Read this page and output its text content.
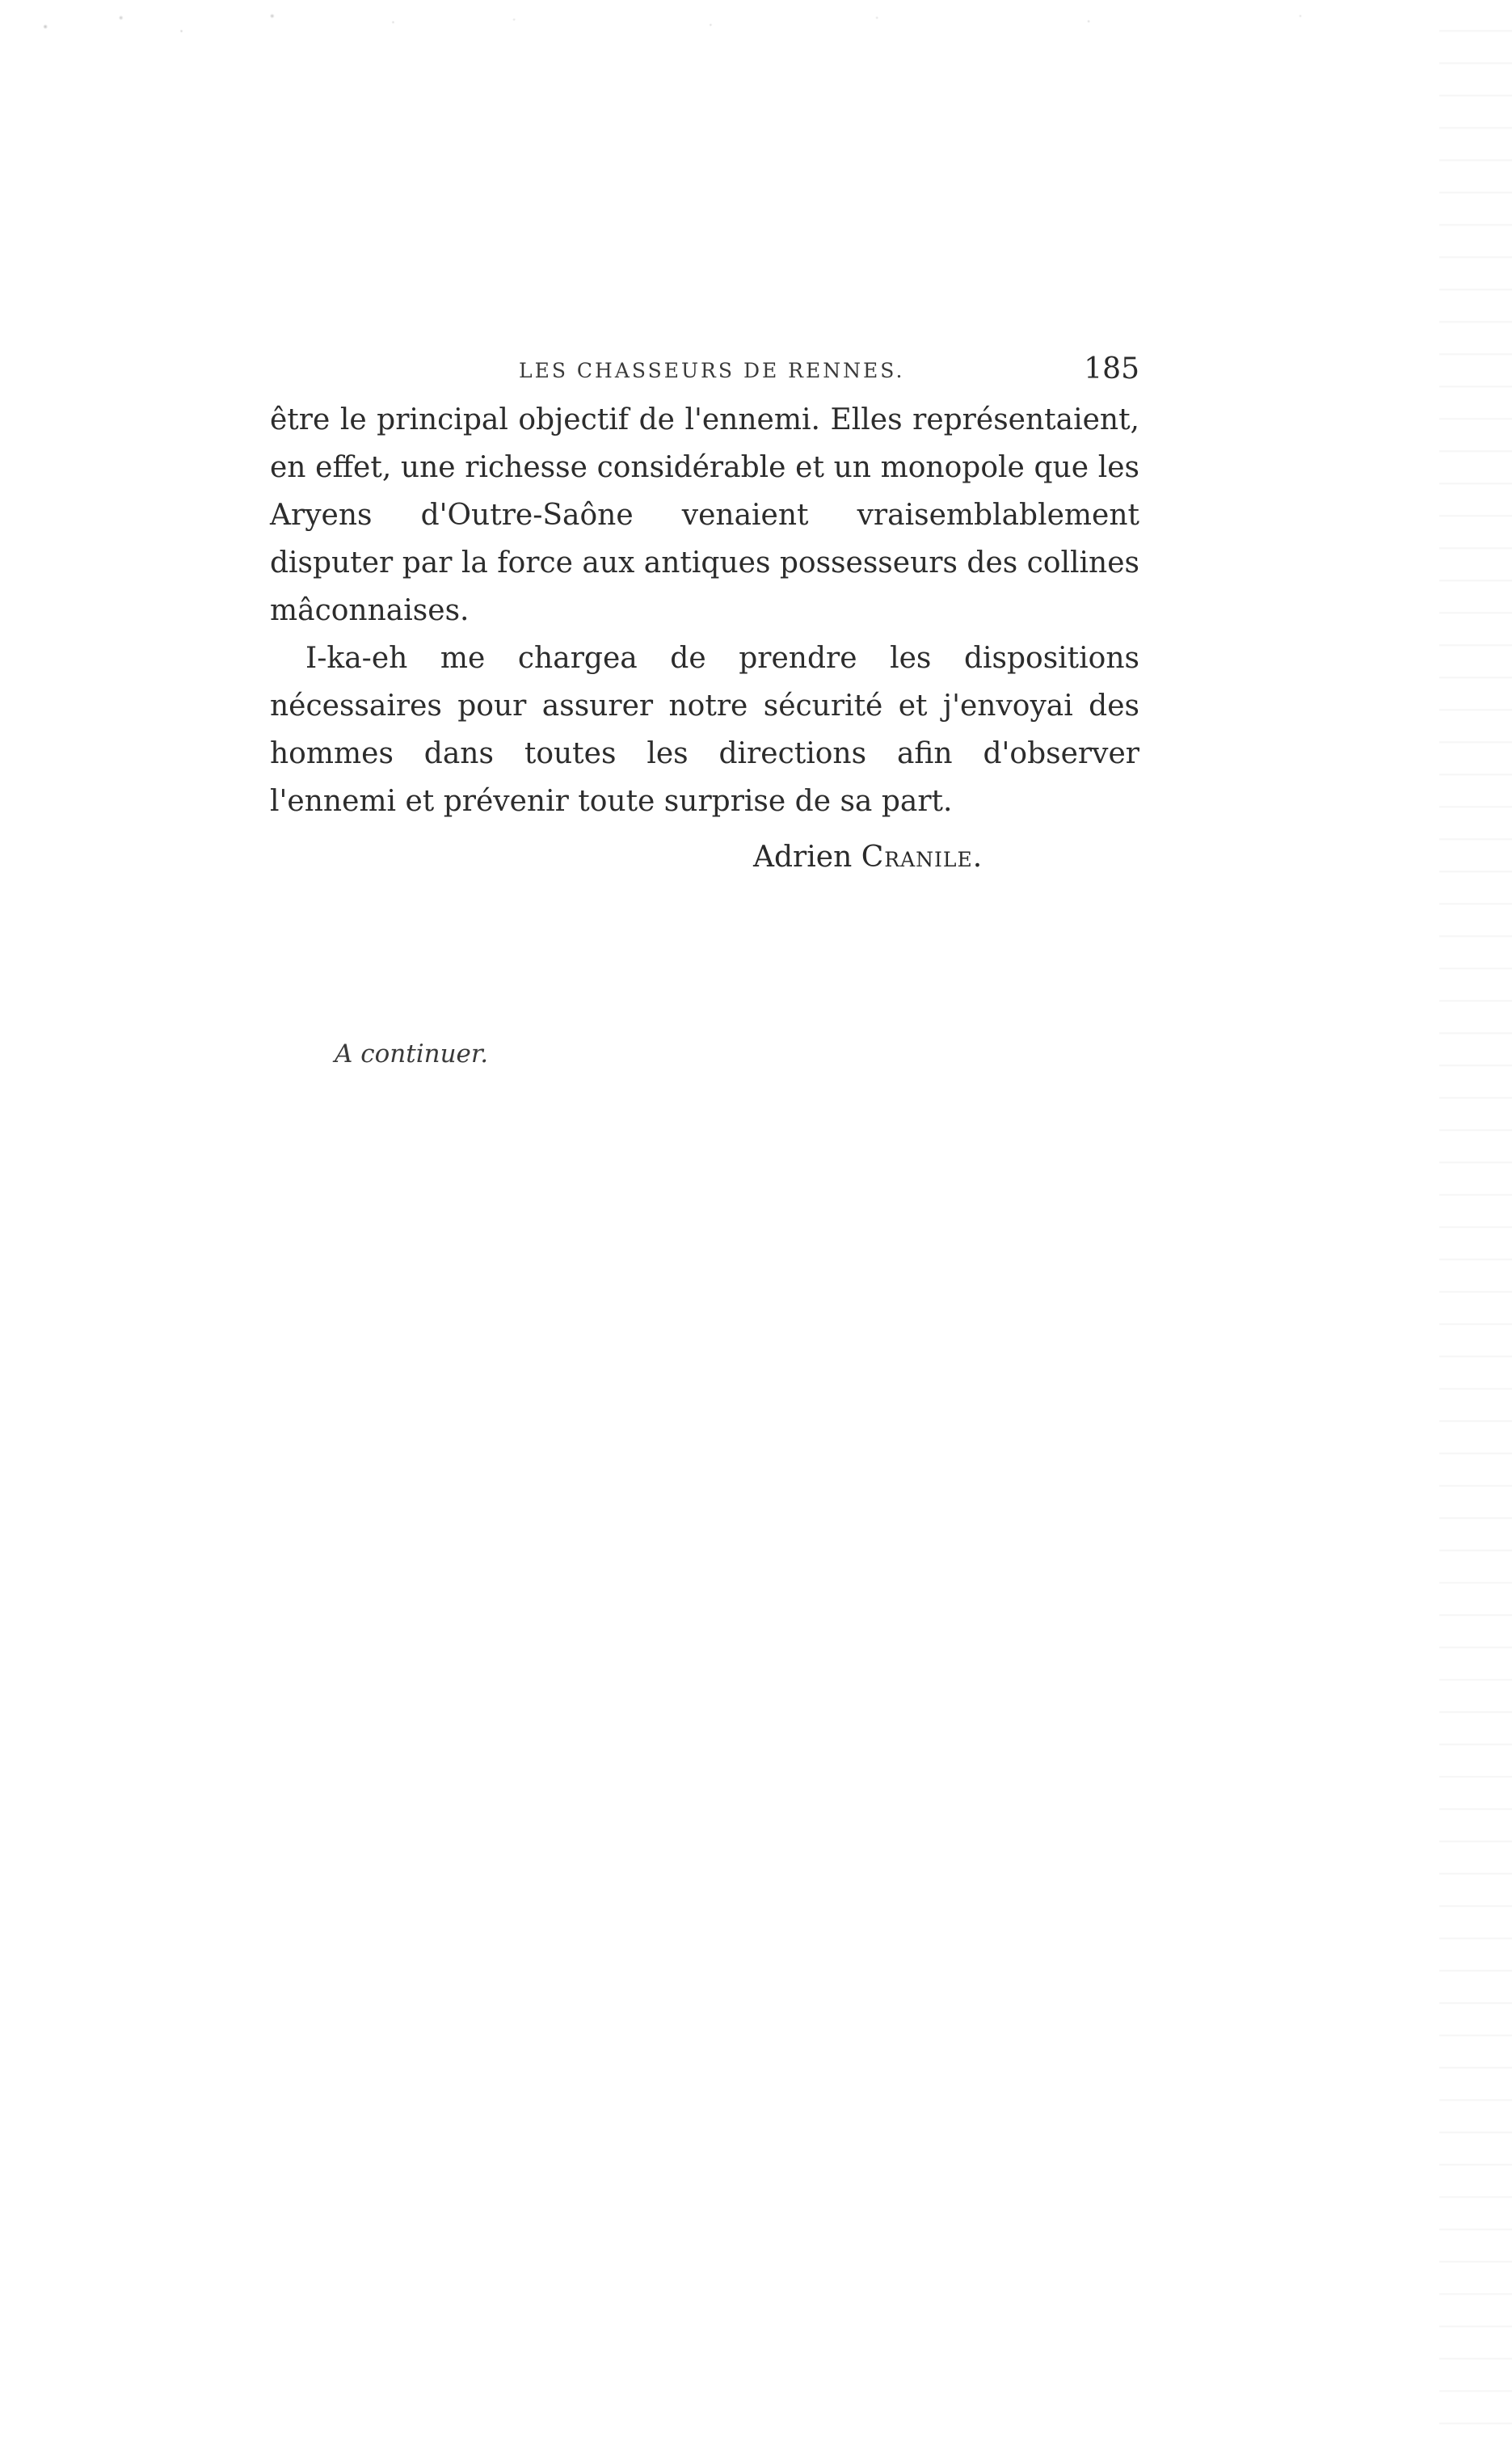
LES CHASSEURS DE RENNES.	185

être le principal objectif de l'ennemi. Elles représentaient, en effet, une richesse considérable et un monopole que les Aryens d'Outre-Saône venaient vraisemblablement disputer par la force aux antiques possesseurs des collines mâconnaises.

I-ka-eh me chargea de prendre les dispositions nécessaires pour assurer notre sécurité et j'envoyai des hommes dans toutes les directions afin d'observer l'ennemi et prévenir toute surprise de sa part.

Adrien Cranile.
A continuer.
